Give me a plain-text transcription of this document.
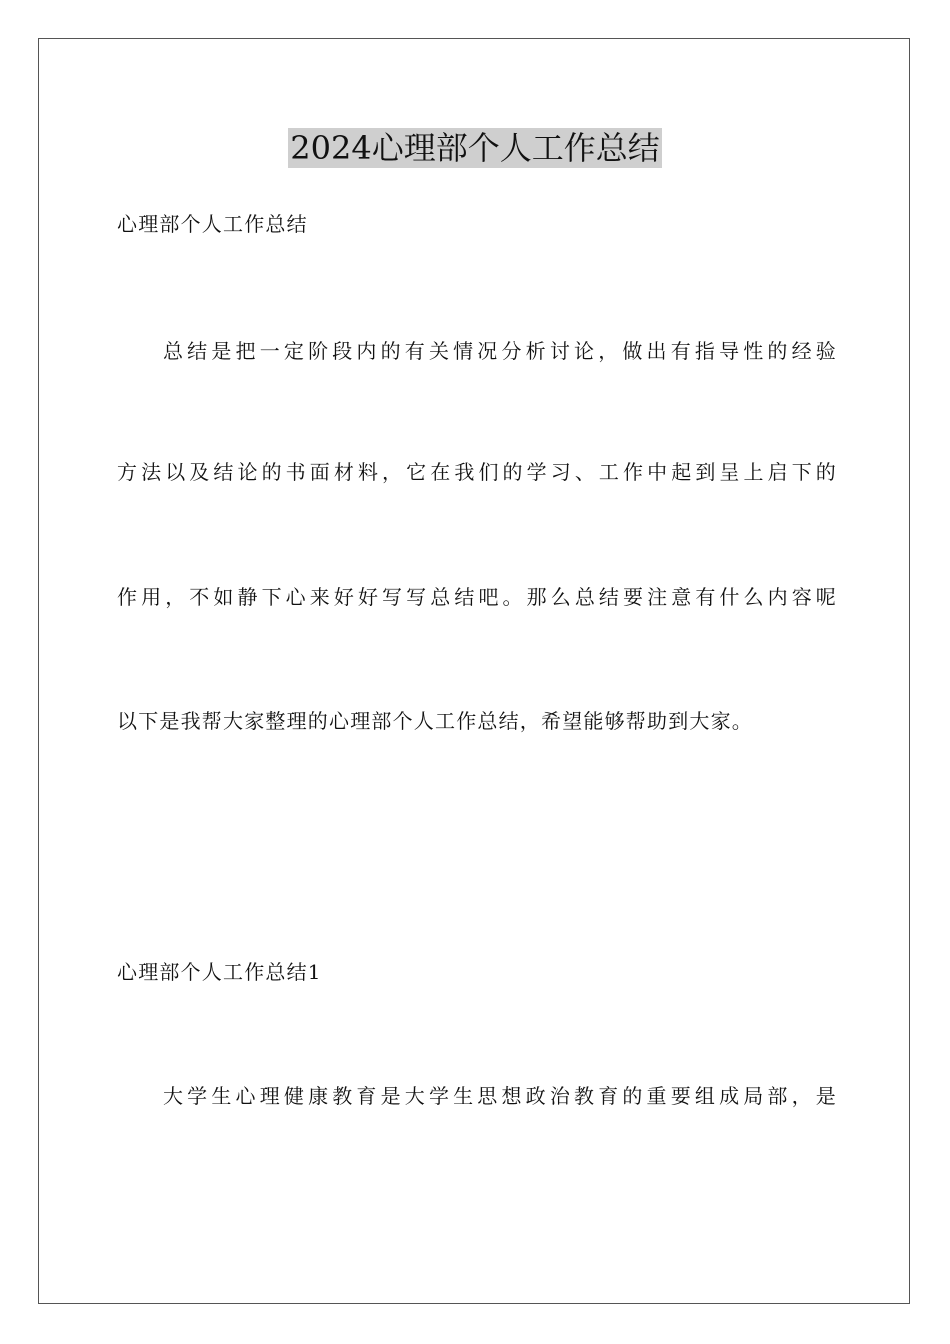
2024心理部个人工作总结
心理部个人工作总结
总结是把一定阶段内的有关情况分析讨论，做出有指导性的经验
方法以及结论的书面材料，它在我们的学习、工作中起到呈上启下的
作用，不如静下心来好好写写总结吧。那么总结要注意有什么内容呢
以下是我帮大家整理的心理部个人工作总结，希望能够帮助到大家。
心理部个人工作总结1
大学生心理健康教育是大学生思想政治教育的重要组成局部，是
